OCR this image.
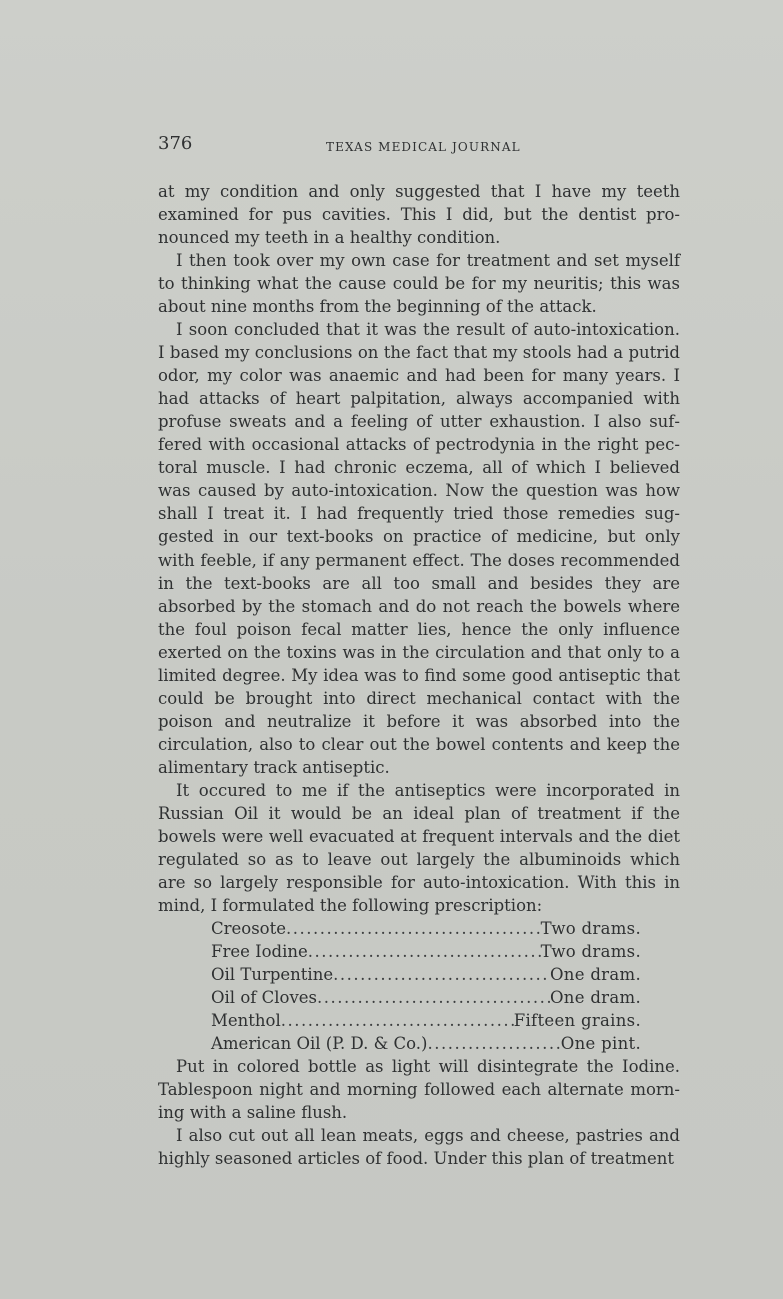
376	TEXAS MEDICAL JOURNAL

at my condition and only suggested that I have my teeth examined for pus cavities. This I did, but the dentist pronounced my teeth in a healthy condition.

I then took over my own case for treatment and set myself to thinking what the cause could be for my neuritis; this was about nine months from the beginning of the attack.

I soon concluded that it was the result of auto-intoxication. I based my conclusions on the fact that my stools had a putrid odor, my color was anaemic and had been for many years. I had attacks of heart palpitation, always accompanied with profuse sweats and a feeling of utter exhaustion. I also suffered with occasional attacks of pectrodynia in the right pectoral muscle. I had chronic eczema, all of which I believed was caused by auto-intoxication. Now the question was how shall I treat it. I had frequently tried those remedies suggested in our text-books on practice of medicine, but only with feeble, if any permanent effect. The doses recommended in the text-books are all too small and besides they are absorbed by the stomach and do not reach the bowels where the foul poison fecal matter lies, hence the only influence exerted on the toxins was in the circulation and that only to a limited degree. My idea was to find some good antiseptic that could be brought into direct mechanical contact with the poison and neutralize it before it was absorbed into the circulation, also to clear out the bowel contents and keep the alimentary track antiseptic.

It occured to me if the antiseptics were incorporated in Russian Oil it would be an ideal plan of treatment if the bowels were well evacuated at frequent intervals and the diet regulated so as to leave out largely the albuminoids which are so largely responsible for auto-intoxication. With this in mind, I formulated the following prescription:

Creosote .....	Two drams.
Free Iodine .....	Two drams.
Oil Turpentine .....	One dram.
Oil of Cloves .....	One dram.
Menthol .....	Fifteen grains.
American Oil (P. D. & Co.) .....	One pint.

Put in colored bottle as light will disintegrate the Iodine. Tablespoon night and morning followed each alternate morning with a saline flush.

I also cut out all lean meats, eggs and cheese, pastries and highly seasoned articles of food. Under this plan of treatment
